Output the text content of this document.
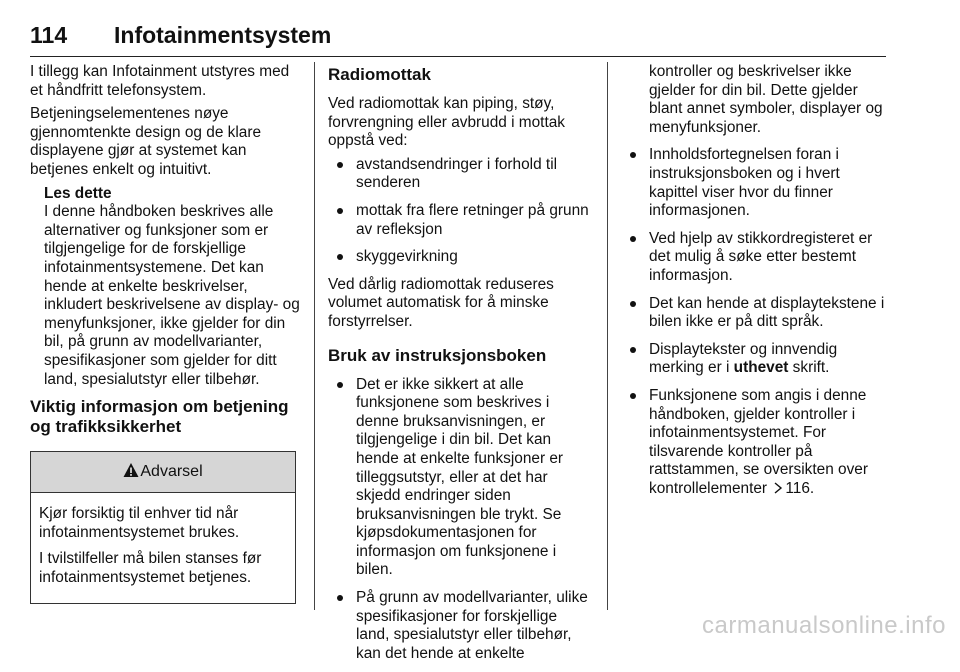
114 Infotainmentsystem

I tillegg kan Infotainment utstyres med et håndfritt telefonsystem.

Betjeningselementenes nøye gjennomtenkte design og de klare displayene gjør at systemet kan betjenes enkelt og intuitivt.

Les dette
I denne håndboken beskrives alle alternativer og funksjoner som er tilgjengelige for de forskjellige infotainmentsystemene. Det kan hende at enkelte beskrivelser, inkludert beskrivelsene av display- og menyfunksjoner, ikke gjelder for din bil, på grunn av modellvarianter, spesifikasjoner som gjelder for ditt land, spesialutstyr eller tilbehør.
Viktig informasjon om betjening og trafikksikkerhet
Advarsel

Kjør forsiktig til enhver tid når infotainmentsystemet brukes.

I tvilstilfeller må bilen stanses før infotainmentsystemet betjenes.

Radiomottak

Ved radiomottak kan piping, støy, forvrengning eller avbrudd i mottak oppstå ved:

avstandsendringer i forhold til senderen
mottak fra flere retninger på grunn av refleksjon
skyggevirkning

Ved dårlig radiomottak reduseres volumet automatisk for å minske forstyrrelser.

Bruk av instruksjonsboken
Det er ikke sikkert at alle funksjonene som beskrives i denne bruksanvisningen, er tilgjengelige i din bil. Det kan hende at enkelte funksjoner er tilleggsutstyr, eller at det har skjedd endringer siden bruksanvisningen ble trykt. Se kjøpsdokumentasjonen for informasjon om funksjonene i bilen.
På grunn av modellvarianter, ulike spesifikasjoner for forskjellige land, spesialutstyr eller tilbehør, kan det hende at enkelte

kontroller og beskrivelser ikke gjelder for din bil. Dette gjelder blant annet symboler, displayer og menyfunksjoner.

Innholdsfortegnelsen foran i instruksjonsboken og i hvert kapittel viser hvor du finner informasjonen.
Ved hjelp av stikkordregisteret er det mulig å søke etter bestemt informasjon.
Det kan hende at displaytekstene i bilen ikke er på ditt språk.
Displaytekster og innvendig merking er i uthevet skrift.
Funksjonene som angis i denne håndboken, gjelder kontroller i infotainmentsystemet. For tilsvarende kontroller på rattstammen, se oversikten over kontrollelementer 116.
carmanualsonline.info
